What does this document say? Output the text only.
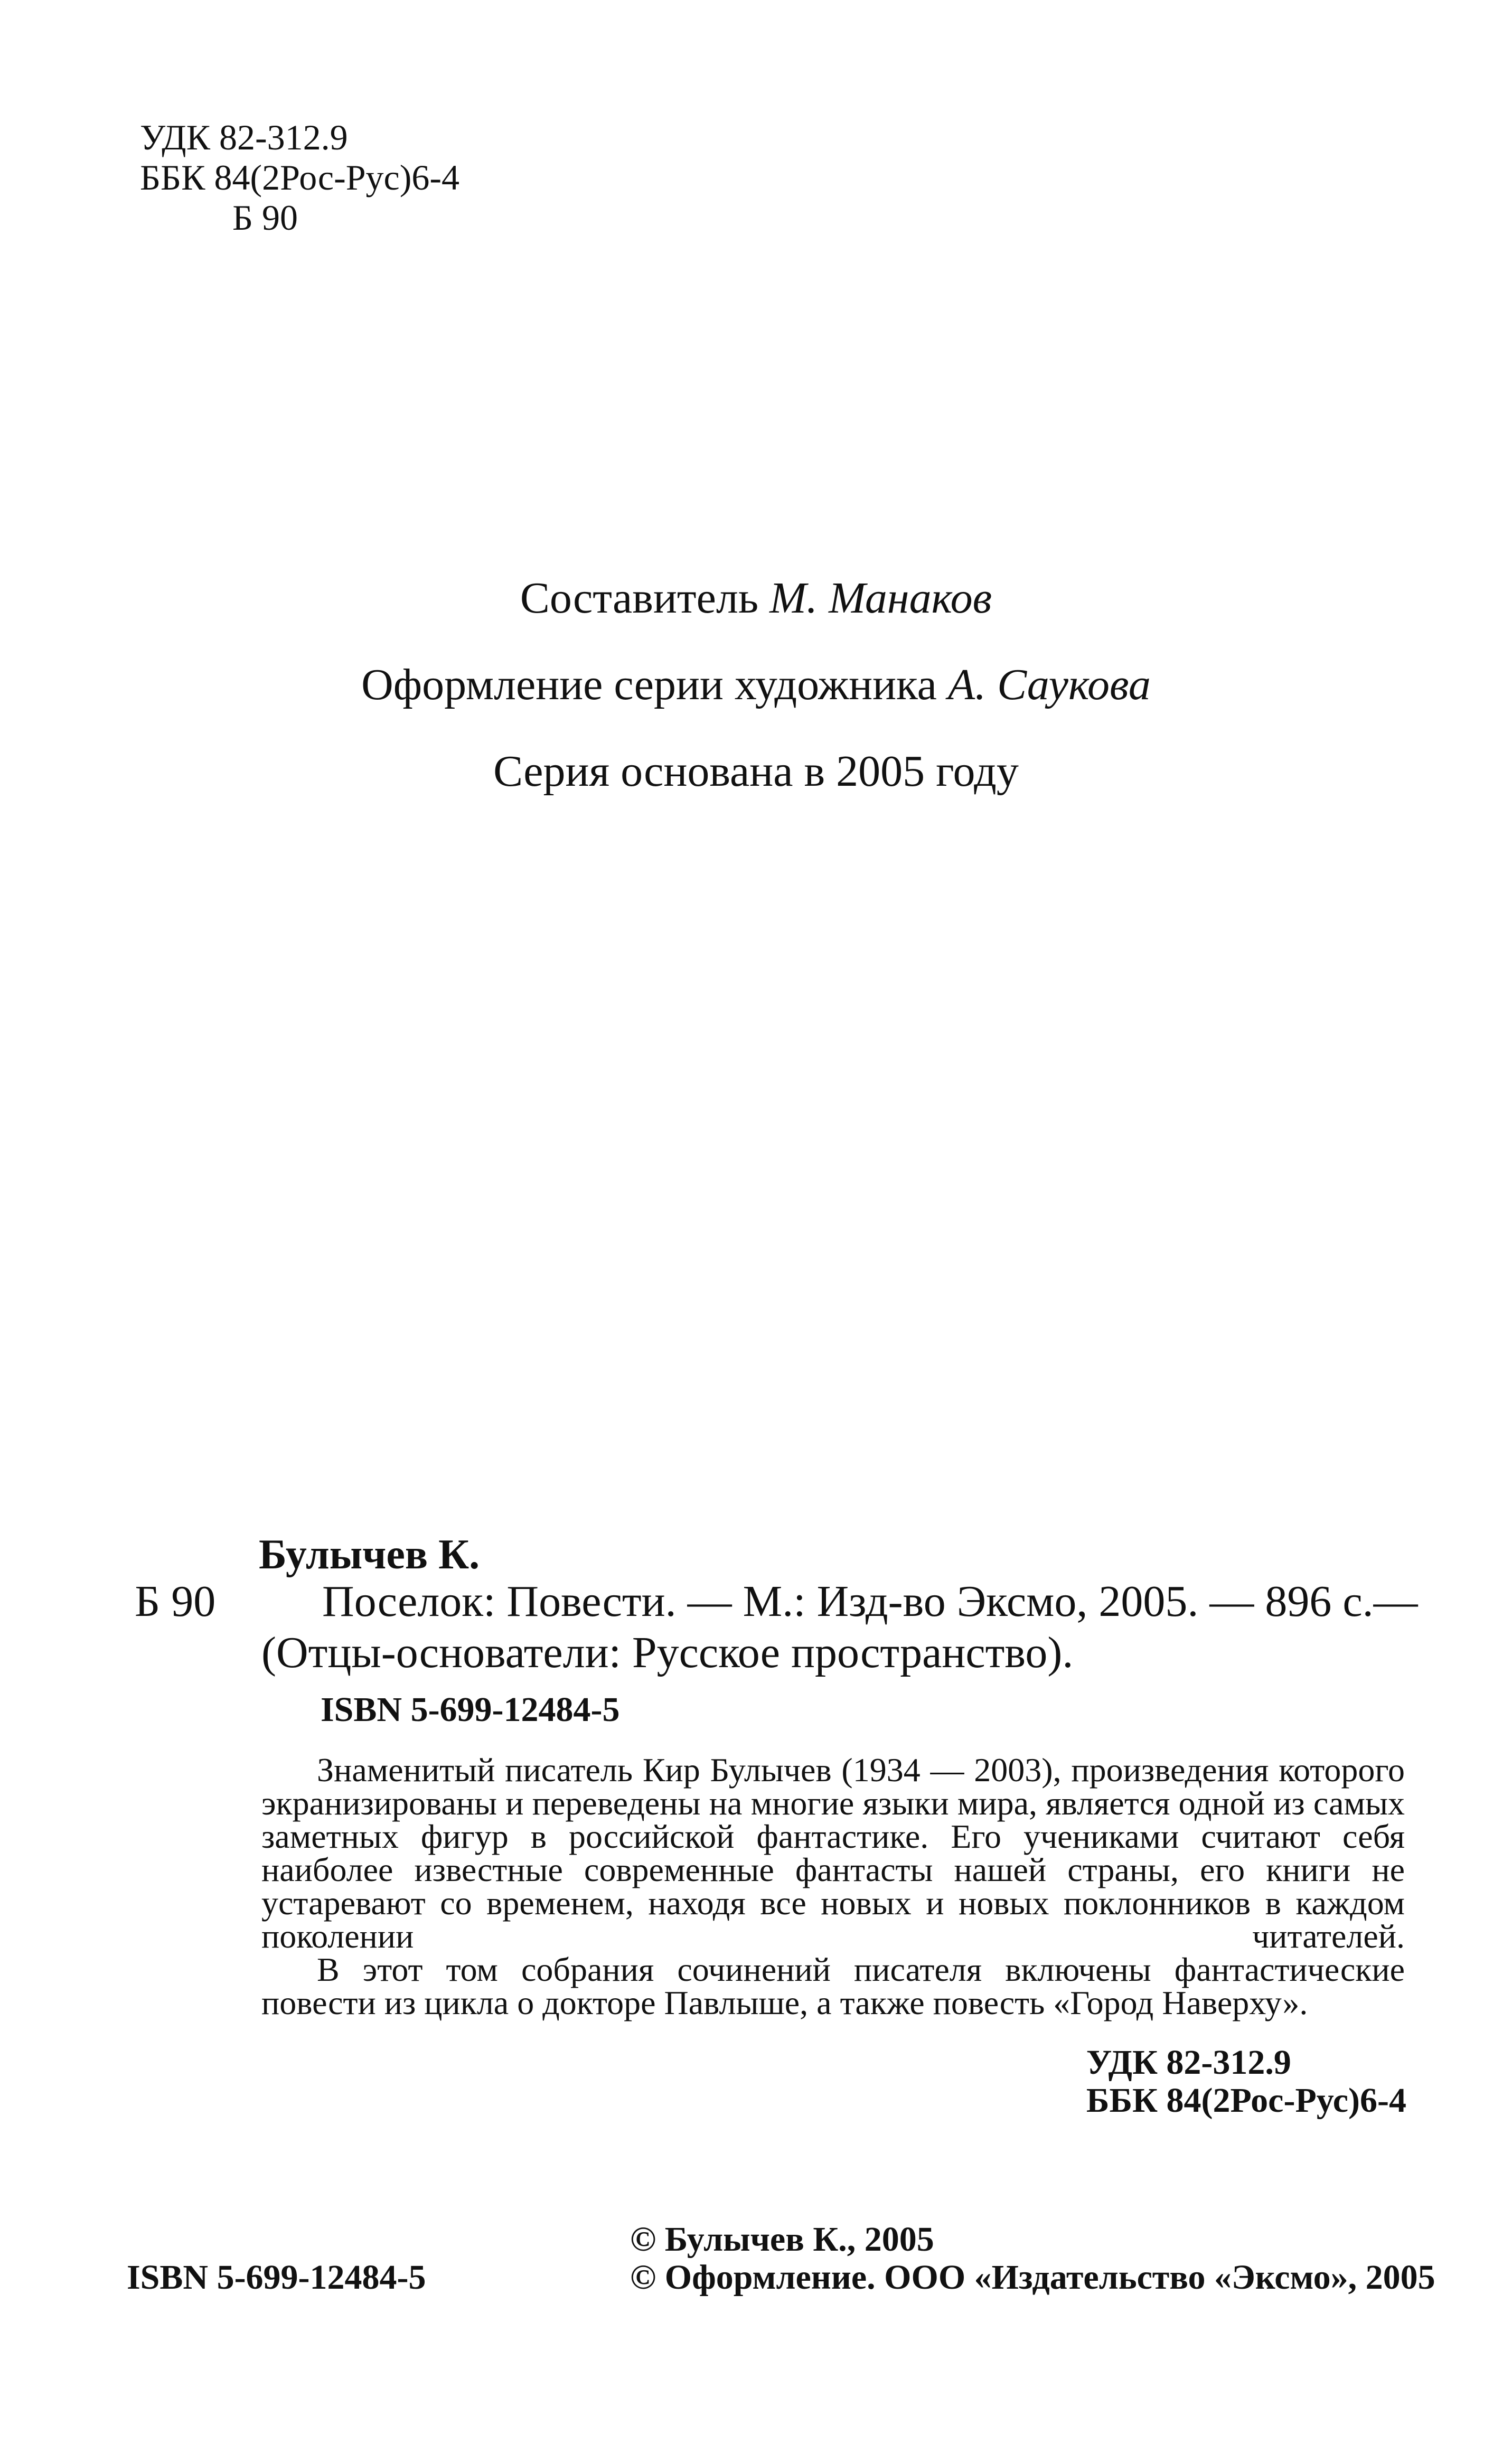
УДК 82-312.9
ББК 84(2Рос-Рус)6-4
Б 90
Составитель М. Манаков
Оформление серии художника А. Саукова
Серия основана в 2005 году
Булычев К.
Б 90 Поселок: Повести. — М.: Изд-во Эксмо, 2005. — 896 с.—
(Отцы-основатели: Русское пространство).
ISBN 5-699-12484-5

Знаменитый писатель Кир Булычев (1934 — 2003), произведения которого экранизированы и переведены на многие языки мира, является одной из самых заметных фигур в российской фантастике. Его учениками считают себя наиболее известные современные фантасты нашей страны, его книги не устаревают со временем, находя все новых и новых поклонников в каждом поколении читателей.

В этот том собрания сочинений писателя включены фантастические повести из цикла о докторе Павлыше, а также повесть «Город Наверху».

УДК 82-312.9
ББК 84(2Рос-Рус)6-4
© Булычев К., 2005
ISBN 5-699-12484-5	© Оформление. ООО «Издательство «Эксмо», 2005
